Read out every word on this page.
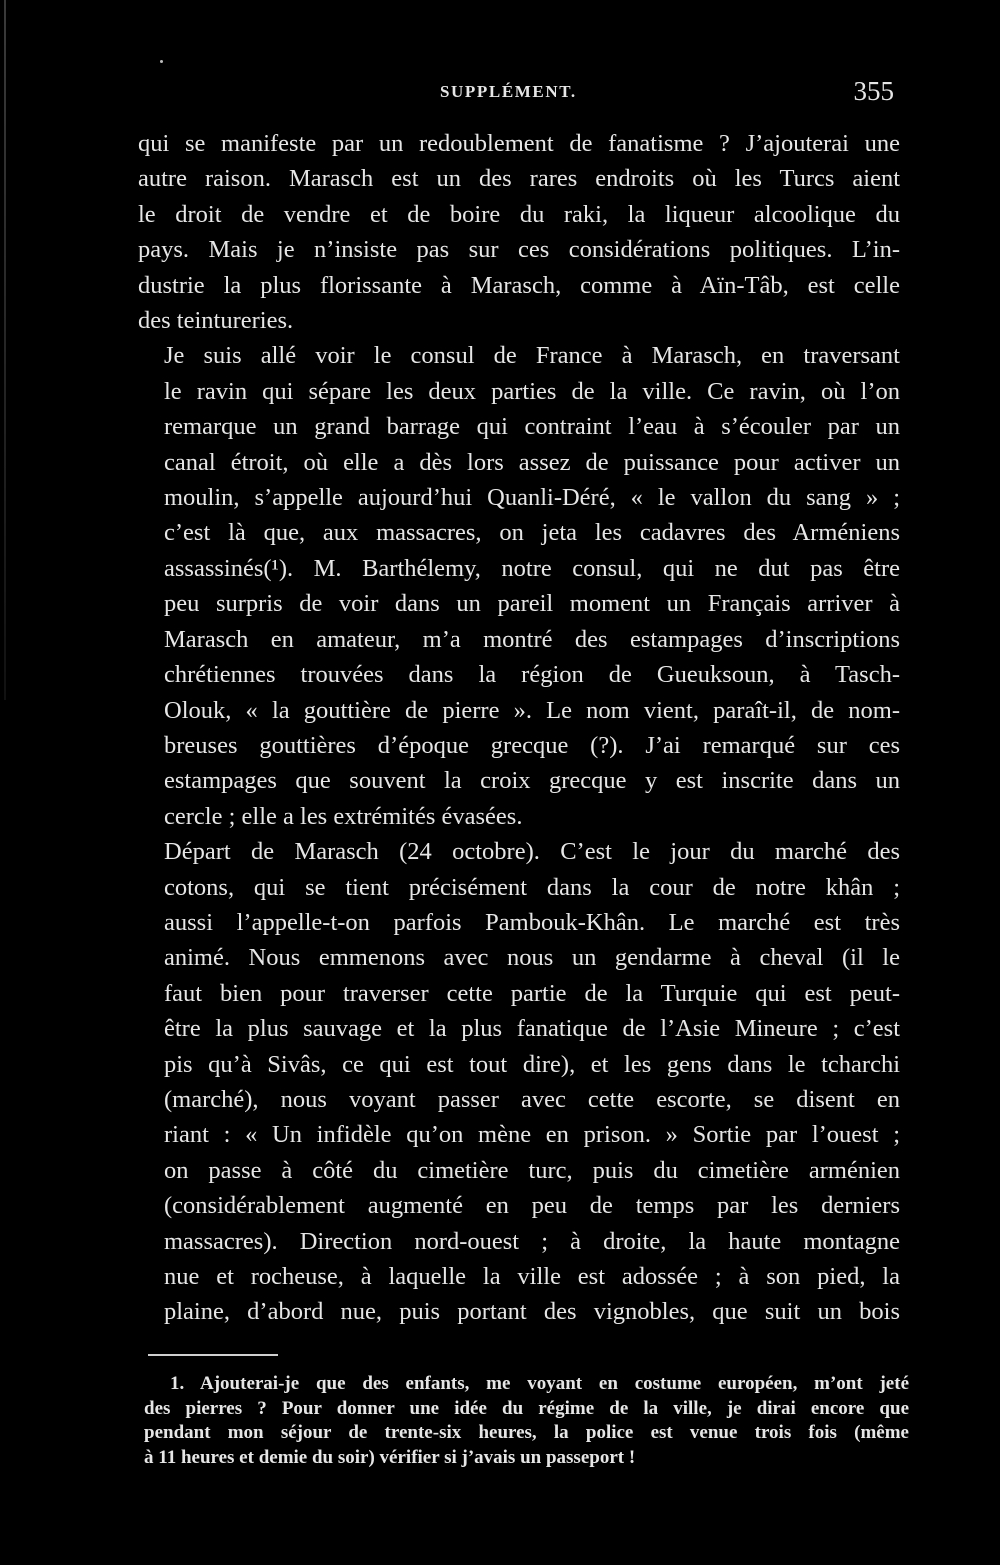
SUPPLÉMENT.	355

qui se manifeste par un redoublement de fanatisme ? J’ajouterai une
autre raison. Marasch est un des rares endroits où les Turcs aient
le droit de vendre et de boire du raki, la liqueur alcoolique du
pays. Mais je n’insiste pas sur ces considérations politiques. L’in-
dustrie la plus florissante à Marasch, comme à Aïn-Tâb, est celle
des teintureries.

Je suis allé voir le consul de France à Marasch, en traversant
le ravin qui sépare les deux parties de la ville. Ce ravin, où l’on
remarque un grand barrage qui contraint l’eau à s’écouler par un
canal étroit, où elle a dès lors assez de puissance pour activer un
moulin, s’appelle aujourd’hui Quanli-Déré, « le vallon du sang » ;
c’est là que, aux massacres, on jeta les cadavres des Arméniens
assassinés(¹). M. Barthélemy, notre consul, qui ne dut pas être
peu surpris de voir dans un pareil moment un Français arriver à
Marasch en amateur, m’a montré des estampages d’inscriptions
chrétiennes trouvées dans la région de Gueuksoun, à Tasch-
Olouk, « la gouttière de pierre ». Le nom vient, paraît-il, de nom-
breuses gouttières d’époque grecque (?). J’ai remarqué sur ces
estampages que souvent la croix grecque y est inscrite dans un
cercle ; elle a les extrémités évasées.

Départ de Marasch (24 octobre). C’est le jour du marché des
cotons, qui se tient précisément dans la cour de notre khân ;
aussi l’appelle-t-on parfois Pambouk-Khân. Le marché est très
animé. Nous emmenons avec nous un gendarme à cheval (il le
faut bien pour traverser cette partie de la Turquie qui est peut-
être la plus sauvage et la plus fanatique de l’Asie Mineure ; c’est
pis qu’à Sivâs, ce qui est tout dire), et les gens dans le tcharchi
(marché), nous voyant passer avec cette escorte, se disent en
riant : « Un infidèle qu’on mène en prison. » Sortie par l’ouest ;
on passe à côté du cimetière turc, puis du cimetière arménien
(considérablement augmenté en peu de temps par les derniers
massacres). Direction nord-ouest ; à droite, la haute montagne
nue et rocheuse, à laquelle la ville est adossée ; à son pied, la
plaine, d’abord nue, puis portant des vignobles, que suit un bois

1. Ajouterai-je que des enfants, me voyant en costume européen, m’ont jeté
des pierres ? Pour donner une idée du régime de la ville, je dirai encore que
pendant mon séjour de trente-six heures, la police est venue trois fois (même
à 11 heures et demie du soir) vérifier si j’avais un passeport !
